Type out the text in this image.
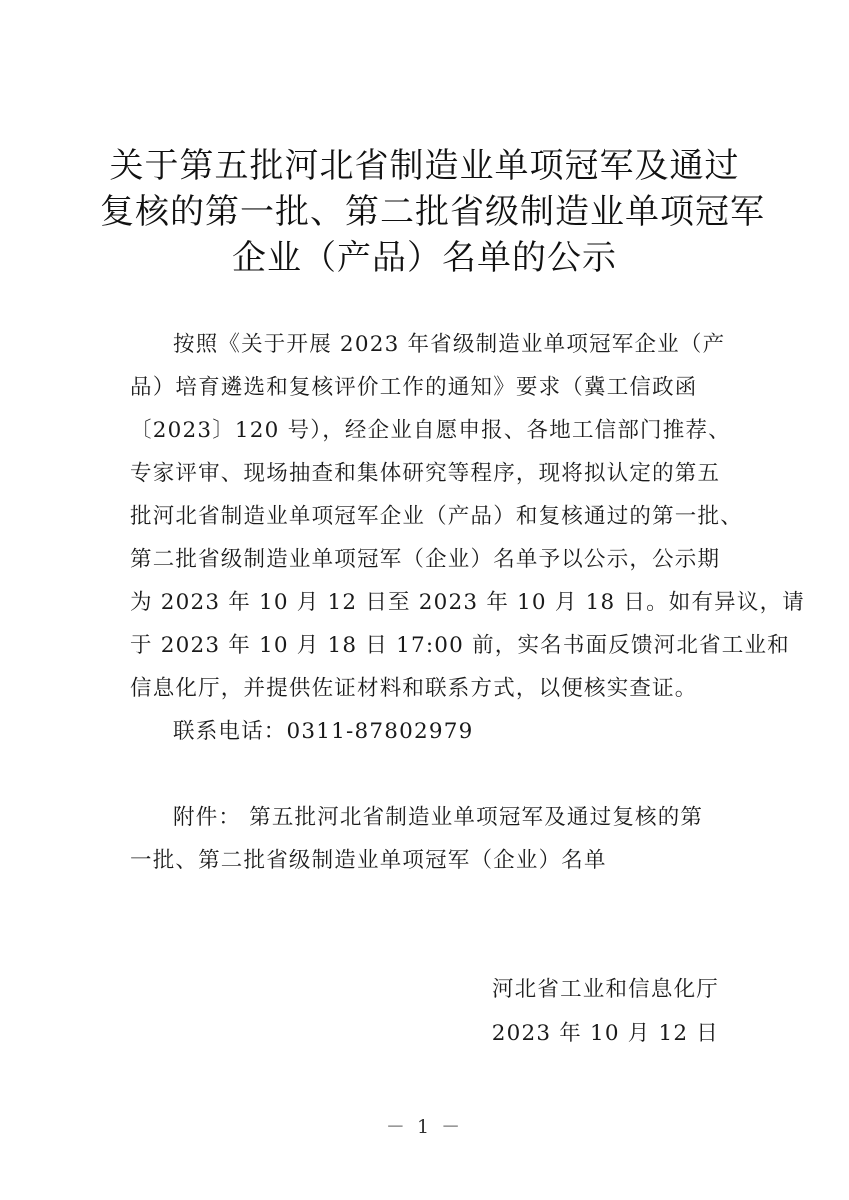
关于第五批河北省制造业单项冠军及通过
复核的第一批、第二批省级制造业单项冠军
企业（产品）名单的公示
按照《关于开展 2023 年省级制造业单项冠军企业（产
品）培育遴选和复核评价工作的通知》要求（冀工信政函
〔2023〕120 号），经企业自愿申报、各地工信部门推荐、
专家评审、现场抽查和集体研究等程序，现将拟认定的第五
批河北省制造业单项冠军企业（产品）和复核通过的第一批、
第二批省级制造业单项冠军（企业）名单予以公示，公示期
为 2023 年 10 月 12 日至 2023 年 10 月 18 日。如有异议，请
于 2023 年 10 月 18 日 17:00 前，实名书面反馈河北省工业和
信息化厅，并提供佐证材料和联系方式，以便核实查证。
联系电话：0311-87802979
附件： 第五批河北省制造业单项冠军及通过复核的第
一批、第二批省级制造业单项冠军（企业）名单
河北省工业和信息化厅
2023 年 10 月 12 日
－ 1 －
